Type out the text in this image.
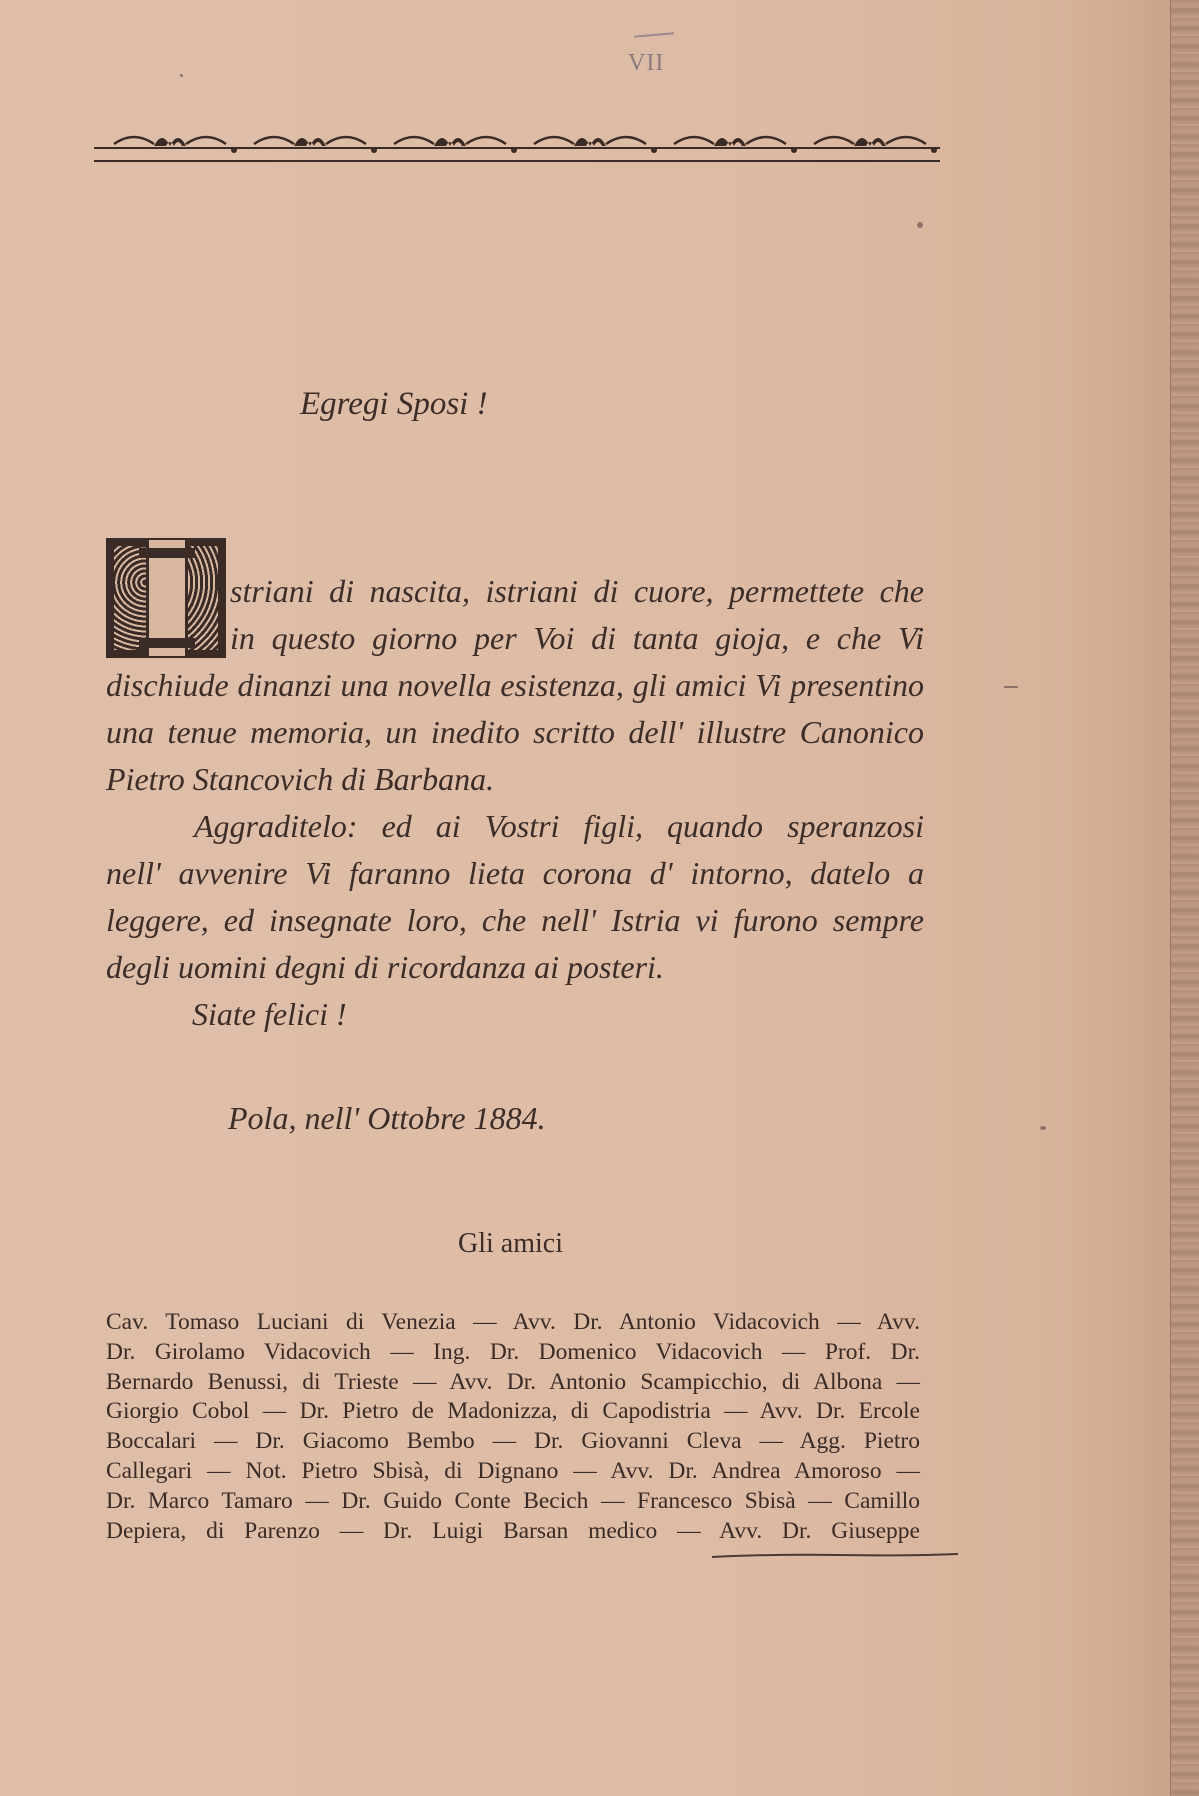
VII
Egregi Sposi !
striani di nascita, istriani di cuore, permettete che
in questo giorno per Voi di tanta gioja, e che Vi
dischiude dinanzi una novella esistenza, gli amici Vi presentino
una tenue memoria, un inedito scritto dell' illustre Canonico
Pietro Stancovich di Barbana.
Aggraditelo: ed ai Vostri figli, quando speranzosi
nell' avvenire Vi faranno lieta corona d' intorno, datelo a
leggere, ed insegnate loro, che nell' Istria vi furono sempre
degli uomini degni di ricordanza ai posteri.
Siate felici !
Pola, nell' Ottobre 1884.
Gli amici
Cav. Tomaso Luciani di Venezia — Avv. Dr. Antonio Vidacovich — Avv.
Dr. Girolamo Vidacovich — Ing. Dr. Domenico Vidacovich — Prof. Dr.
Bernardo Benussi, di Trieste — Avv. Dr. Antonio Scampicchio, di Albona —
Giorgio Cobol — Dr. Pietro de Madonizza, di Capodistria — Avv. Dr. Ercole
Boccalari — Dr. Giacomo Bembo — Dr. Giovanni Cleva — Agg. Pietro
Callegari — Not. Pietro Sbisà, di Dignano — Avv. Dr. Andrea Amoroso —
Dr. Marco Tamaro — Dr. Guido Conte Becich — Francesco Sbisà — Camillo
Depiera, di Parenzo — Dr. Luigi Barsan medico — Avv. Dr. Giuseppe
